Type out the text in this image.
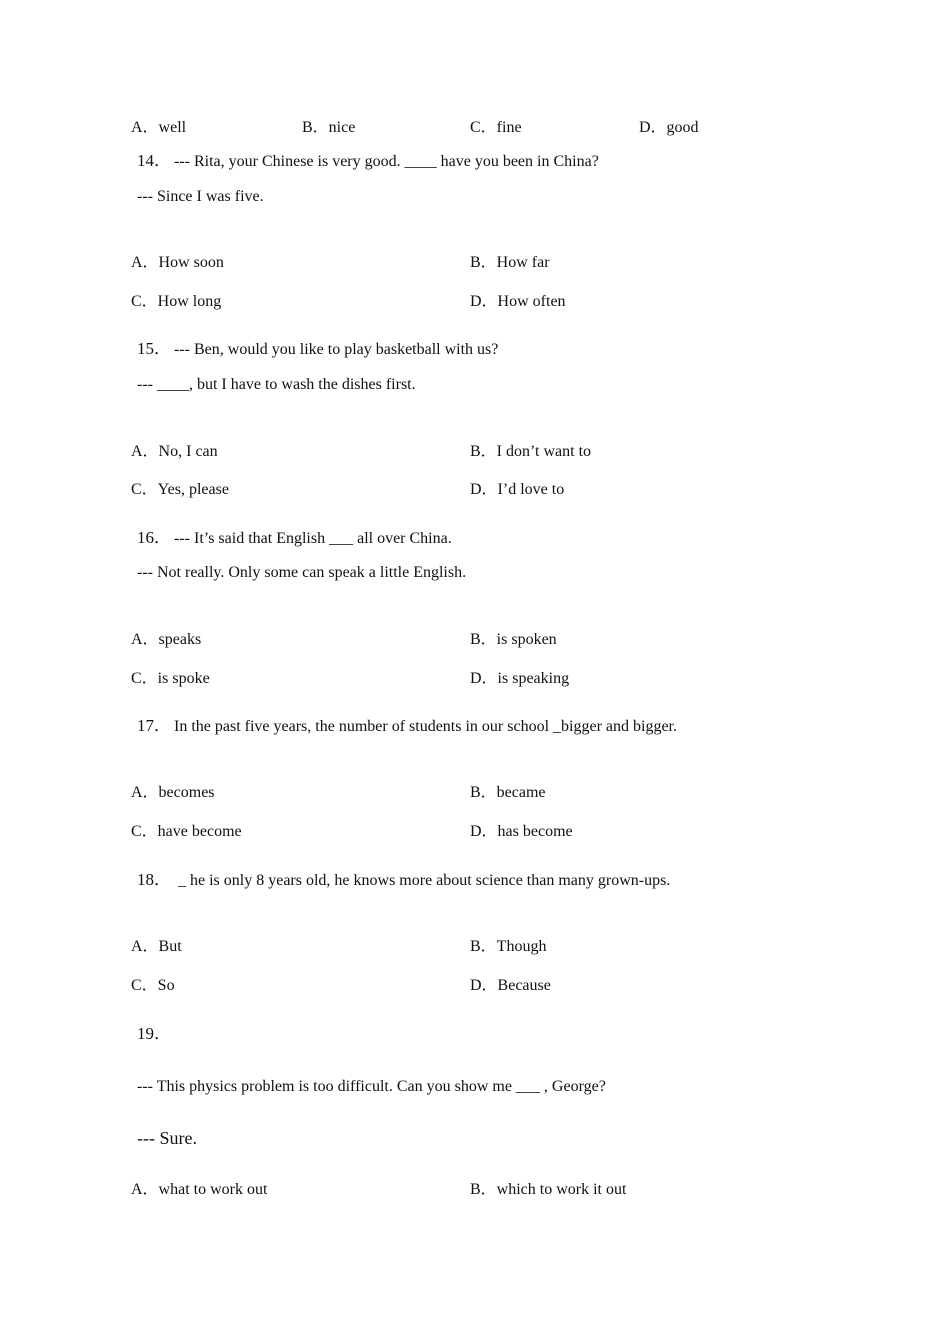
A．well	B．nice	C．fine	D．good
14． --- Rita, your Chinese is very good. ____ have you been in China?
--- Since I was five.
A．How soon	B．How far
C．How long	D．How often
15． --- Ben, would you like to play basketball with us?
--- ____, but I have to wash the dishes first.
A．No, I can	B．I don’t want to
C．Yes, please	D．I’d love to
16． --- It’s said that English ___ all over China.
--- Not really. Only some can speak a little English.
A．speaks	B．is spoken
C．is spoke	D．is speaking
17． In the past five years, the number of students in our school _bigger and bigger.
A．becomes	B．became
C．have become	D．has become
18． _ he is only 8 years old, he knows more about science than many grown-ups.
A．But	B．Though
C．So	D．Because
19．
--- This physics problem is too difficult. Can you show me ___ , George?
--- Sure.
A．what to work out	B．which to work it out
